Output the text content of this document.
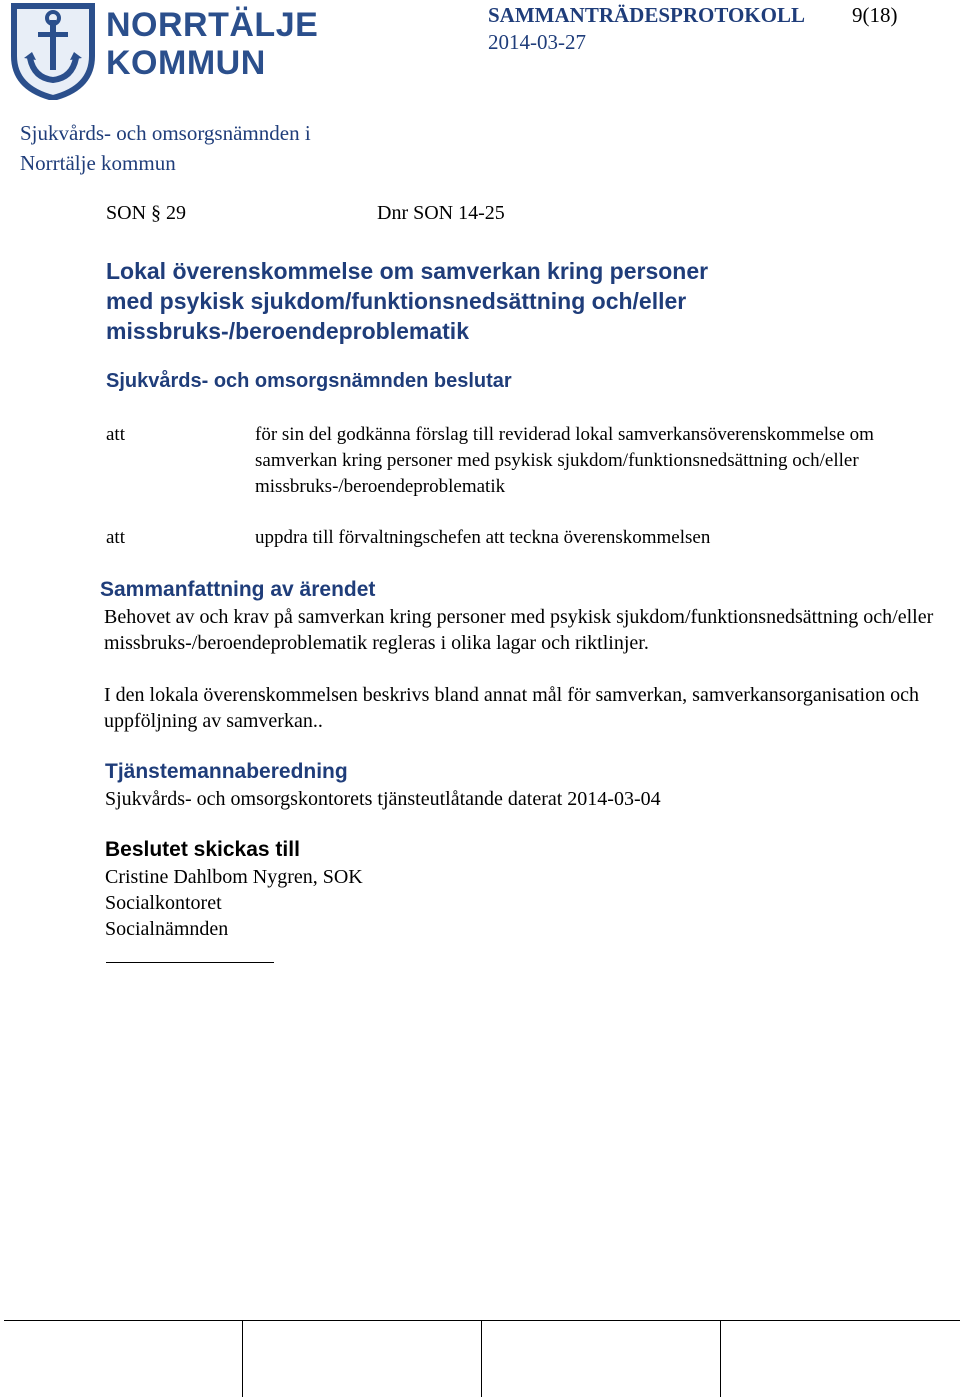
NORRTÄLJE
KOMMUN
SAMMANTRÄDESPROTOKOLL 9(18)
2014-03-27
Sjukvårds- och omsorgsnämnden i
Norrtälje kommun
SON § 29	Dnr SON 14-25
Lokal överenskommelse om samverkan kring personer
med psykisk sjukdom/funktionsnedsättning och/eller
missbruks-/beroendeproblematik
Sjukvårds- och omsorgsnämnden beslutar
att	för sin del godkänna förslag till reviderad lokal samverkansöverenskommelse om samverkan kring personer med psykisk sjukdom/funktionsnedsättning och/eller missbruks-/beroendeproblematik
att	uppdra till förvaltningschefen att teckna överenskommelsen
Sammanfattning av ärendet
Behovet av och krav på samverkan kring personer med psykisk sjukdom/funktionsnedsättning och/eller missbruks-/beroendeproblematik regleras i olika lagar och riktlinjer.
I den lokala överenskommelsen beskrivs bland annat mål för samverkan, samverkansorganisation och uppföljning av samverkan..
Tjänstemannaberedning
Sjukvårds- och omsorgskontorets tjänsteutlåtande daterat 2014-03-04
Beslutet skickas till
Cristine Dahlbom Nygren, SOK
Socialkontoret
Socialnämnden
